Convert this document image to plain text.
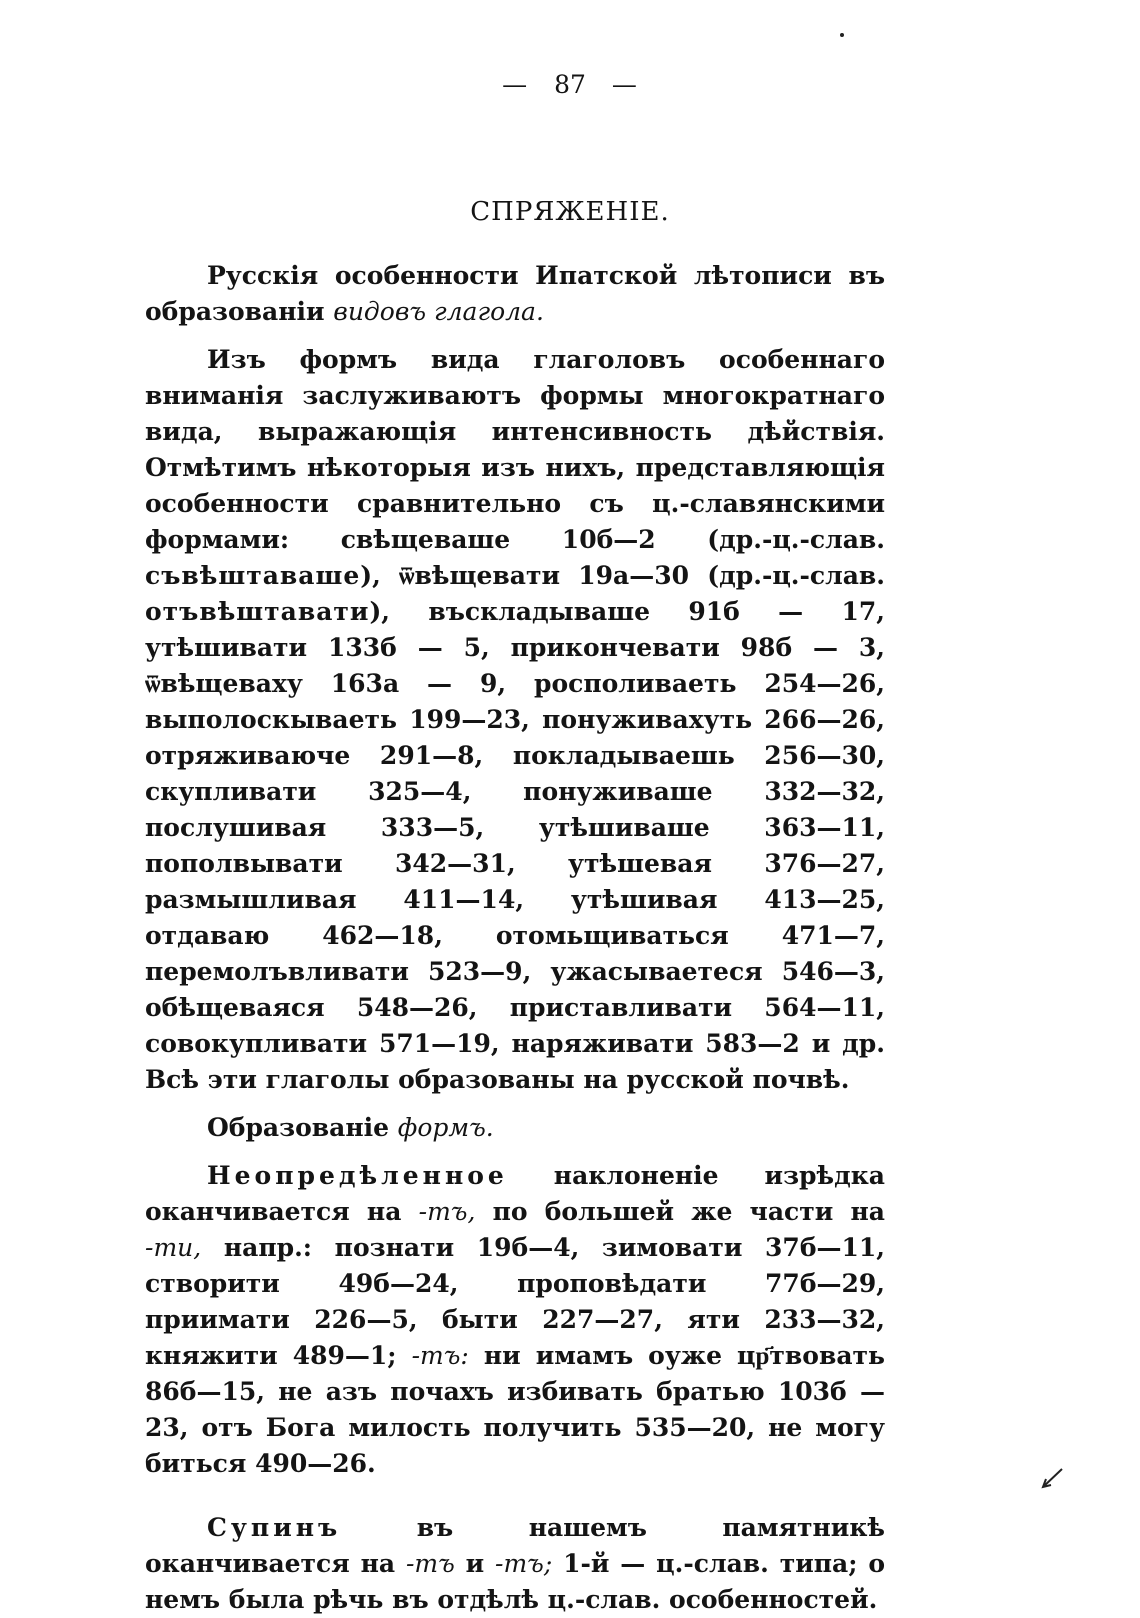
— 87 —
СПРЯЖЕНІЕ.

Русскія особенности Ипатской лѣтописи въ образованіи видовъ глагола.

Изъ формъ вида глаголовъ особеннаго вниманія заслуживаютъ формы многократнаго вида, выражающія интенсивность дѣйствія. Отмѣтимъ нѣкоторыя изъ нихъ, представляющія особенности сравнительно съ ц.-славянскими формами: свѣщеваше 10б—2 (др.-ц.-слав. съвѣштаваше), ѿвѣщевати 19а—30 (др.-ц.-слав. отъвѣштавати), въскладываше 91б — 17, утѣшивати 133б — 5, прикончевати 98б — 3, ѿвѣщеваху 163а — 9, росполиваеть 254—26, выполоскываеть 199—23, понуживахуть 266—26, отряживаюче 291—8, покладываешь 256—30, скупливати 325—4, понуживаше 332—32, послушивая 333—5, утѣшиваше 363—11, пополвывати 342—31, утѣшевая 376—27, размышливая 411—14, утѣшивая 413—25, отдаваю 462—18, отомьщиваться 471—7, перемолъвливати 523—9, ужасываетеся 546—3, обѣщеваяся 548—26, приставливати 564—11, совокупливати 571—19, наряживати 583—2 и др. Всѣ эти глаголы образованы на русской почвѣ.

Образованіе формъ.

Неопредѣленное наклоненіе изрѣдка оканчивается на -тъ, по большей же части на -ти, напр.: познати 19б—4, зимовати 37б—11, створити 49б—24, проповѣдати 77б—29, приимати 226—5, быти 227—27, яти 233—32, княжити 489—1; -тъ: ни имамъ оуже цр҃твовать 86б—15, не азъ почахъ избивать братью 103б —23, отъ Бога милость получить 535—20, не могу биться 490—26.

Супинъ въ нашемъ памятникѣ оканчивается на -тъ и -тъ; 1-й — ц.-слав. типа; о немъ была рѣчь въ отдѣлѣ ц.-слав. особенностей.
